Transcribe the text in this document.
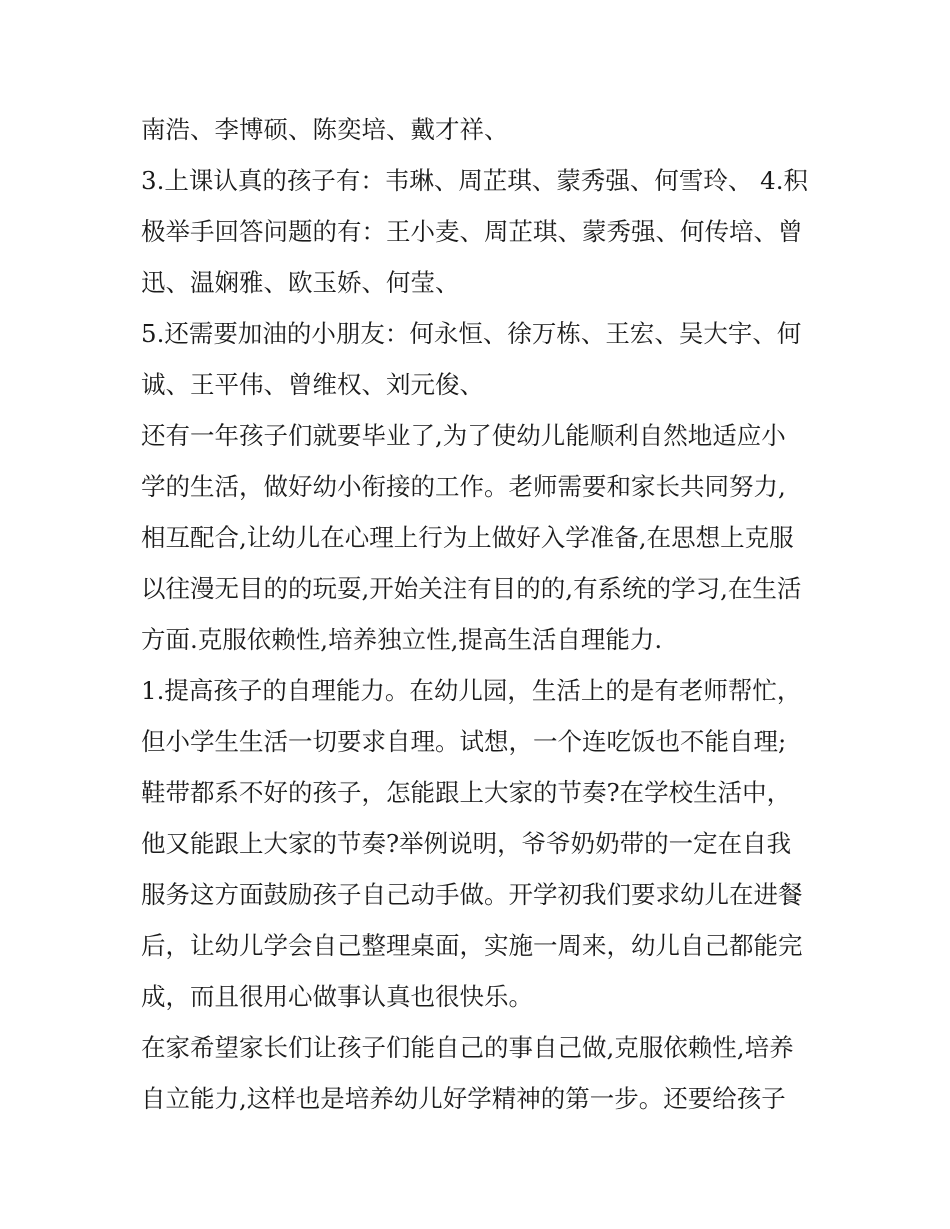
南浩、李博硕、陈奕培、戴才祥、
3.上课认真的孩子有：韦琳、周芷琪、蒙秀强、何雪玲、 4.积
极举手回答问题的有：王小麦、周芷琪、蒙秀强、何传培、曾
迅、温娴雅、欧玉娇、何莹、
5.还需要加油的小朋友：何永恒、徐万栋、王宏、吴大宇、何
诚、王平伟、曾维权、刘元俊、
还有一年孩子们就要毕业了,为了使幼儿能顺利自然地适应小
学的生活，做好幼小衔接的工作。老师需要和家长共同努力,
相互配合,让幼儿在心理上行为上做好入学准备,在思想上克服
以往漫无目的的玩耍,开始关注有目的的,有系统的学习,在生活
方面.克服依赖性,培养独立性,提高生活自理能力.
1.提高孩子的自理能力。在幼儿园，生活上的是有老师帮忙，
但小学生生活一切要求自理。试想，一个连吃饭也不能自理;
鞋带都系不好的孩子，怎能跟上大家的节奏?在学校生活中，
他又能跟上大家的节奏?举例说明，爷爷奶奶带的一定在自我
服务这方面鼓励孩子自己动手做。开学初我们要求幼儿在进餐
后，让幼儿学会自己整理桌面，实施一周来，幼儿自己都能完
成，而且很用心做事认真也很快乐。
在家希望家长们让孩子们能自己的事自己做,克服依赖性,培养
自立能力,这样也是培养幼儿好学精神的第一步。还要给孩子
